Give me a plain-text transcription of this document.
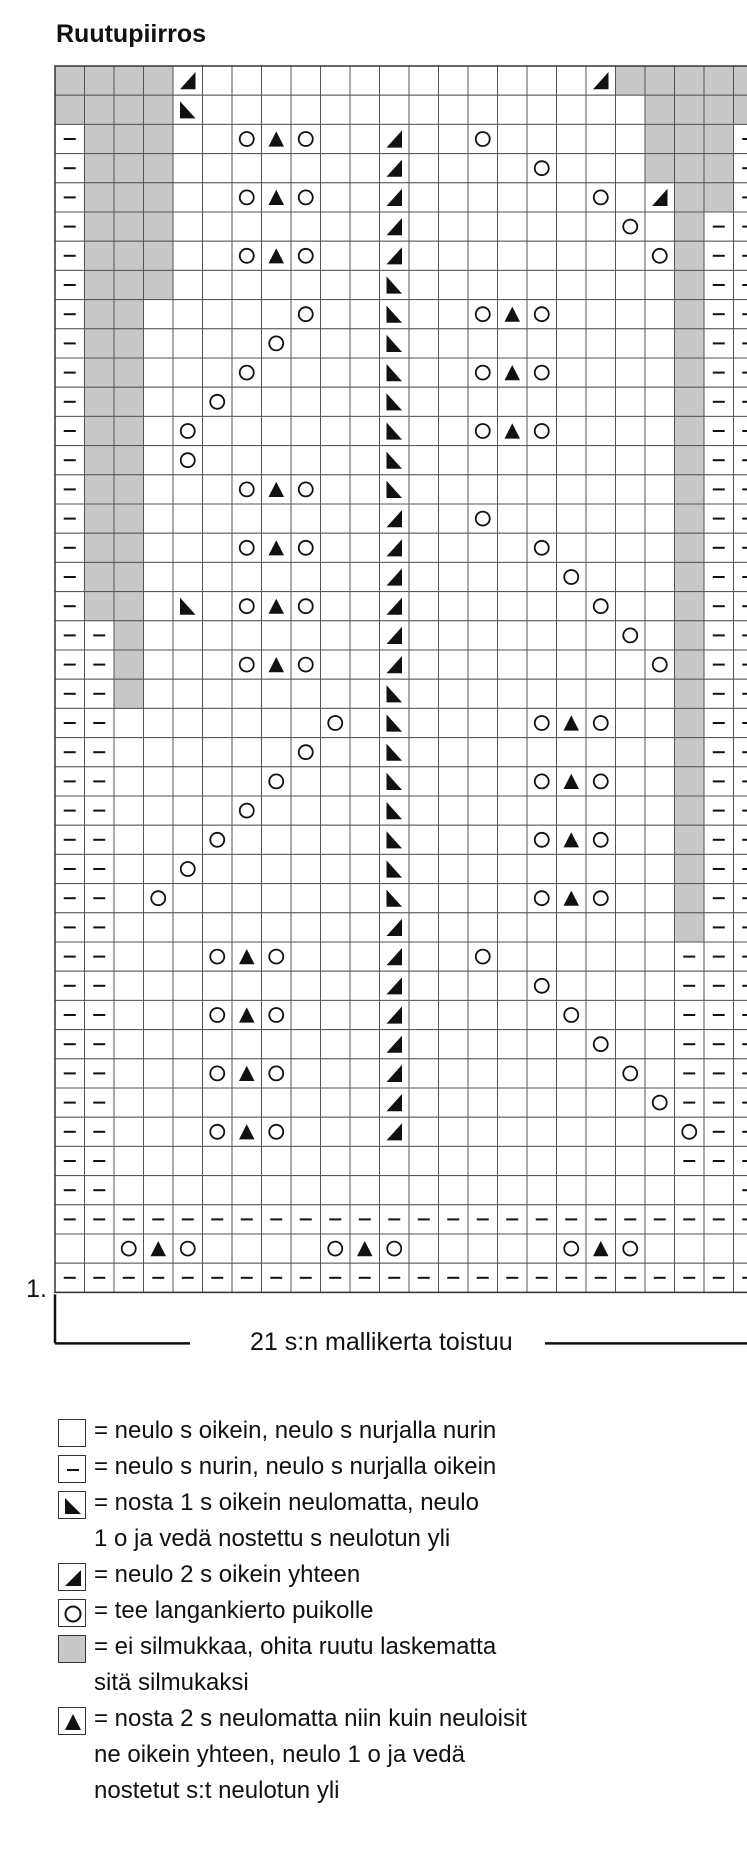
Ruutupiirros
1.
21 s:n mallikerta toistuu
= neulo s oikein, neulo s nurjalla nurin
= neulo s nurin, neulo s nurjalla oikein
= nosta 1 s oikein neulomatta, neulo
1 o ja vedä nostettu s neulotun yli
= neulo 2 s oikein yhteen
= tee langankierto puikolle
= ei silmukkaa, ohita ruutu laskematta
sitä silmukaksi
= nosta 2 s neulomatta niin kuin neuloisit
ne oikein yhteen, neulo 1 o ja vedä
nostetut s:t neulotun yli
